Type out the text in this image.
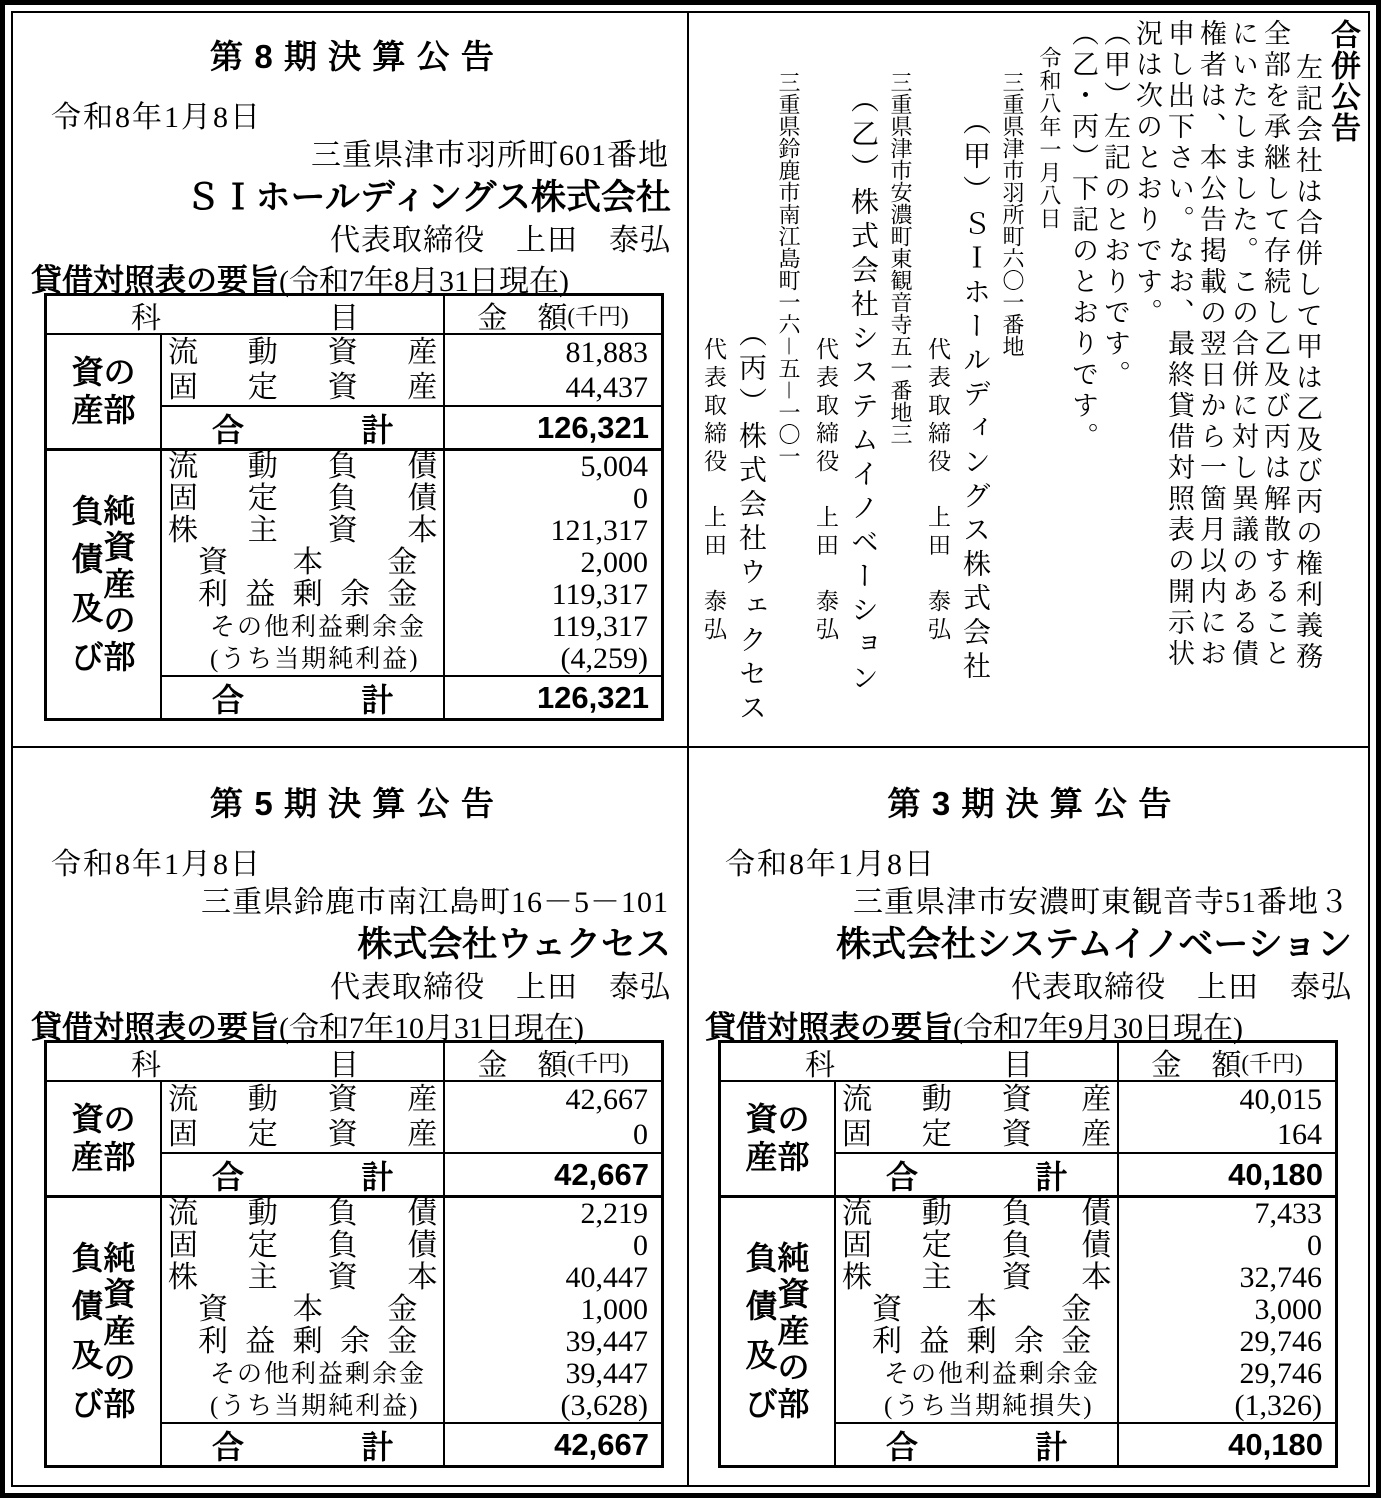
第8期決算公告
令和8年1月8日
三重県津市羽所町601番地
ＳＩホールディングス株式会社
代表取締役　上田　泰弘
貸借対照表の要旨(令和7年8月31日現在)
科	目	金　額 (千円)
資
産
の
部
流動資産	81,883
固定資産	44,437
合	計	126,321
負
債
及
び
純
資
産
の
部
流動負債	5,004
固定負債	0
株主資本	121,317
資本金	2,000
利益剰余金	119,317
その他利益剰余金	119,317
(うち当期純利益)	(4,259)
合	計	126,321
合併公告
左記会社は合併して甲は乙及び丙の権利義務
全部を承継して存続し乙及び丙は解散すること
にいたしました。この合併に対し異議のある債
権者は、本公告掲載の翌日から一箇月以内にお
申し出下さい。なお、最終貸借対照表の開示状
況は次のとおりです。
（甲）左記のとおりです。
（乙・丙）下記のとおりです。
令和八年一月八日
三重県津市羽所町六〇一番地
（甲）ＳＩホールディングス株式会社
代表取締役　上田　泰弘
三重県津市安濃町東観音寺五一番地三
（乙）株式会社システムイノベーション
代表取締役　上田　泰弘
三重県鈴鹿市南江島町一六－五－一〇一
（丙）株式会社ウェクセス
代表取締役　上田　泰弘
第5期決算公告
令和8年1月8日
三重県鈴鹿市南江島町16－5－101
株式会社ウェクセス
代表取締役　上田　泰弘
貸借対照表の要旨(令和7年10月31日現在)
科	目	金　額 (千円)
資
産
の
部
流動資産	42,667
固定資産	0
合	計	42,667
負
債
及
び
純
資
産
の
部
流動負債	2,219
固定負債	0
株主資本	40,447
資本金	1,000
利益剰余金	39,447
その他利益剰余金	39,447
(うち当期純利益)	(3,628)
合	計	42,667
第3期決算公告
令和8年1月8日
三重県津市安濃町東観音寺51番地３
株式会社システムイノベーション
代表取締役　上田　泰弘
貸借対照表の要旨(令和7年9月30日現在)
科	目	金　額 (千円)
資
産
の
部
流動資産	40,015
固定資産	164
合	計	40,180
負
債
及
び
純
資
産
の
部
流動負債	7,433
固定負債	0
株主資本	32,746
資本金	3,000
利益剰余金	29,746
その他利益剰余金	29,746
(うち当期純損失)	(1,326)
合	計	40,180
